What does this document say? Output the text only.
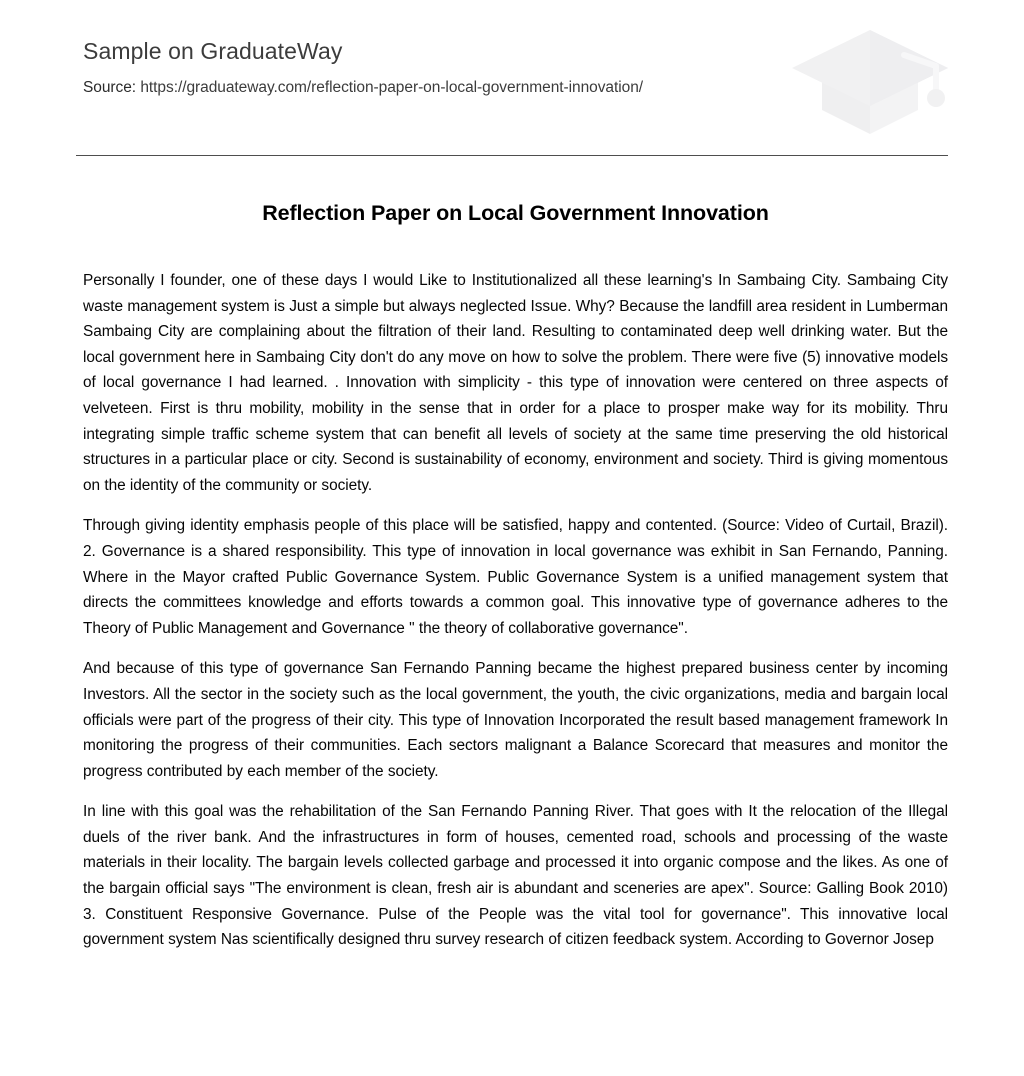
Sample on GraduateWay

Source: https://graduateway.com/reflection-paper-on-local-government-innovation/

Reflection Paper on Local Government Innovation

Personally I founder, one of these days I would Like to Institutionalized all these learning's In Sambaing City. Sambaing City waste management system is Just a simple but always neglected Issue. Why? Because the landfill area resident in Lumberman Sambaing City are complaining about the filtration of their land. Resulting to contaminated deep well drinking water. But the local government here in Sambaing City don't do any move on how to solve the problem. There were five (5) innovative models of local governance I had learned. . Innovation with simplicity - this type of innovation were centered on three aspects of velveteen. First is thru mobility, mobility in the sense that in order for a place to prosper make way for its mobility. Thru integrating simple traffic scheme system that can benefit all levels of society at the same time preserving the old historical structures in a particular place or city. Second is sustainability of economy, environment and society. Third is giving momentous on the identity of the community or society.

Through giving identity emphasis people of this place will be satisfied, happy and contented. (Source: Video of Curtail, Brazil). 2. Governance is a shared responsibility. This type of innovation in local governance was exhibit in San Fernando, Panning. Where in the Mayor crafted Public Governance System. Public Governance System is a unified management system that directs the committees knowledge and efforts towards a common goal. This innovative type of governance adheres to the Theory of Public Management and Governance " the theory of collaborative governance".

And because of this type of governance San Fernando Panning became the highest prepared business center by incoming Investors. All the sector in the society such as the local government, the youth, the civic organizations, media and bargain local officials were part of the progress of their city. This type of Innovation Incorporated the result based management framework In monitoring the progress of their communities. Each sectors malignant a Balance Scorecard that measures and monitor the progress contributed by each member of the society.

In line with this goal was the rehabilitation of the San Fernando Panning River. That goes with It the relocation of the Illegal duels of the river bank. And the infrastructures in form of houses, cemented road, schools and processing of the waste materials in their locality. The bargain levels collected garbage and processed it into organic compose and the likes. As one of the bargain official says "The environment is clean, fresh air is abundant and sceneries are apex". Source: Galling Book 2010) 3. Constituent Responsive Governance. Pulse of the People was the vital tool for governance". This innovative local government system Nas scientifically designed thru survey research of citizen feedback system. According to Governor Josep
